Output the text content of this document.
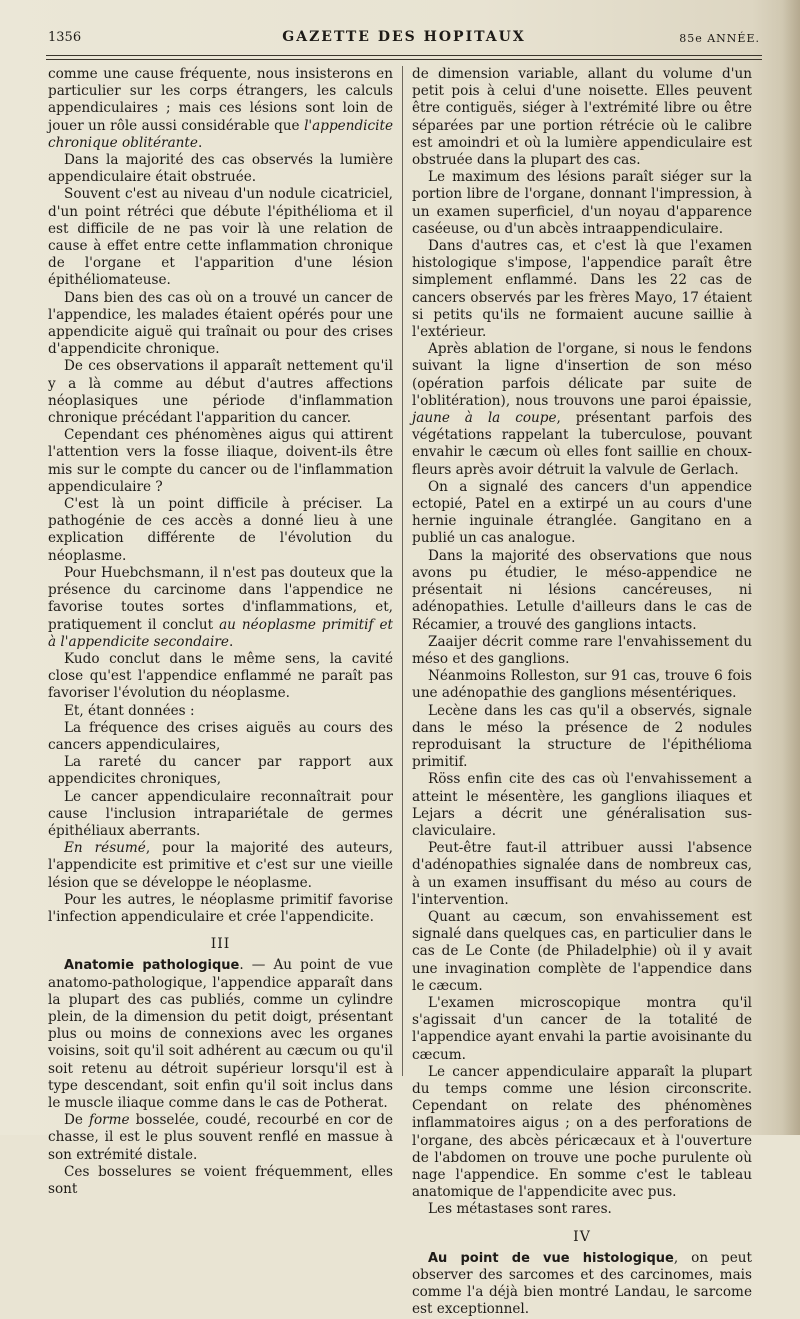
1356	GAZETTE DES HOPITAUX	85e ANNÉE.

comme une cause fréquente, nous insisterons en particulier sur les corps étrangers, les calculs appendiculaires ; mais ces lésions sont loin de jouer un rôle aussi considérable que l'appendicite chronique oblitérante.

Dans la majorité des cas observés la lumière appendiculaire était obstruée.

Souvent c'est au niveau d'un nodule cicatriciel, d'un point rétréci que débute l'épithélioma et il est difficile de ne pas voir là une relation de cause à effet entre cette inflammation chronique de l'organe et l'apparition d'une lésion épithéliomateuse.

Dans bien des cas où on a trouvé un cancer de l'appendice, les malades étaient opérés pour une appendicite aiguë qui traînait ou pour des crises d'appendicite chronique.

De ces observations il apparaît nettement qu'il y a là comme au début d'autres affections néoplasiques une période d'inflammation chronique précédant l'apparition du cancer.

Cependant ces phénomènes aigus qui attirent l'attention vers la fosse iliaque, doivent-ils être mis sur le compte du cancer ou de l'inflammation appendiculaire ?

C'est là un point difficile à préciser. La pathogénie de ces accès a donné lieu à une explication différente de l'évolution du néoplasme.

Pour Huebchsmann, il n'est pas douteux que la présence du carcinome dans l'appendice ne favorise toutes sortes d'inflammations, et, pratiquement il conclut au néoplasme primitif et à l'appendicite secondaire.

Kudo conclut dans le même sens, la cavité close qu'est l'appendice enflammé ne paraît pas favoriser l'évolution du néoplasme.

Et, étant données :

La fréquence des crises aiguës au cours des cancers appendiculaires,

La rareté du cancer par rapport aux appendicites chroniques,

Le cancer appendiculaire reconnaîtrait pour cause l'inclusion intrapariétale de germes épithéliaux aberrants.

En résumé, pour la majorité des auteurs, l'appendicite est primitive et c'est sur une vieille lésion que se développe le néoplasme.

Pour les autres, le néoplasme primitif favorise l'infection appendiculaire et crée l'appendicite.

III

Anatomie pathologique. — Au point de vue anatomo-pathologique, l'appendice apparaît dans la plupart des cas publiés, comme un cylindre plein, de la dimension du petit doigt, présentant plus ou moins de connexions avec les organes voisins, soit qu'il soit adhérent au cæcum ou qu'il soit retenu au détroit supérieur lorsqu'il est à type descendant, soit enfin qu'il soit inclus dans le muscle iliaque comme dans le cas de Potherat.

De forme bosselée, coudé, recourbé en cor de chasse, il est le plus souvent renflé en massue à son extrémité distale.

Ces bosselures se voient fréquemment, elles sont

de dimension variable, allant du volume d'un petit pois à celui d'une noisette. Elles peuvent être contiguës, siéger à l'extrémité libre ou être séparées par une portion rétrécie où le calibre est amoindri et où la lumière appendiculaire est obstruée dans la plupart des cas.

Le maximum des lésions paraît siéger sur la portion libre de l'organe, donnant l'impression, à un examen superficiel, d'un noyau d'apparence caséeuse, ou d'un abcès intraappendiculaire.

Dans d'autres cas, et c'est là que l'examen histologique s'impose, l'appendice paraît être simplement enflammé. Dans les 22 cas de cancers observés par les frères Mayo, 17 étaient si petits qu'ils ne formaient aucune saillie à l'extérieur.

Après ablation de l'organe, si nous le fendons suivant la ligne d'insertion de son méso (opération parfois délicate par suite de l'oblitération), nous trouvons une paroi épaissie, jaune à la coupe, présentant parfois des végétations rappelant la tuberculose, pouvant envahir le cæcum où elles font saillie en choux-fleurs après avoir détruit la valvule de Gerlach.

On a signalé des cancers d'un appendice ectopié, Patel en a extirpé un au cours d'une hernie inguinale étranglée. Gangitano en a publié un cas analogue.

Dans la majorité des observations que nous avons pu étudier, le méso-appendice ne présentait ni lésions cancéreuses, ni adénopathies. Letulle d'ailleurs dans le cas de Récamier, a trouvé des ganglions intacts.

Zaaijer décrit comme rare l'envahissement du méso et des ganglions.

Néanmoins Rolleston, sur 91 cas, trouve 6 fois une adénopathie des ganglions mésentériques.

Lecène dans les cas qu'il a observés, signale dans le méso la présence de 2 nodules reproduisant la structure de l'épithélioma primitif.

Röss enfin cite des cas où l'envahissement a atteint le mésentère, les ganglions iliaques et Lejars a décrit une généralisation sus-claviculaire.

Peut-être faut-il attribuer aussi l'absence d'adénopathies signalée dans de nombreux cas, à un examen insuffisant du méso au cours de l'intervention.

Quant au cæcum, son envahissement est signalé dans quelques cas, en particulier dans le cas de Le Conte (de Philadelphie) où il y avait une invagination complète de l'appendice dans le cæcum.

L'examen microscopique montra qu'il s'agissait d'un cancer de la totalité de l'appendice ayant envahi la partie avoisinante du cæcum.

Le cancer appendiculaire apparaît la plupart du temps comme une lésion circonscrite. Cependant on relate des phénomènes inflammatoires aigus ; on a des perforations de l'organe, des abcès péricæcaux et à l'ouverture de l'abdomen on trouve une poche purulente où nage l'appendice. En somme c'est le tableau anatomique de l'appendicite avec pus.

Les métastases sont rares.

IV

Au point de vue histologique, on peut observer des sarcomes et des carcinomes, mais comme l'a déjà bien montré Landau, le sarcome est exceptionnel.
